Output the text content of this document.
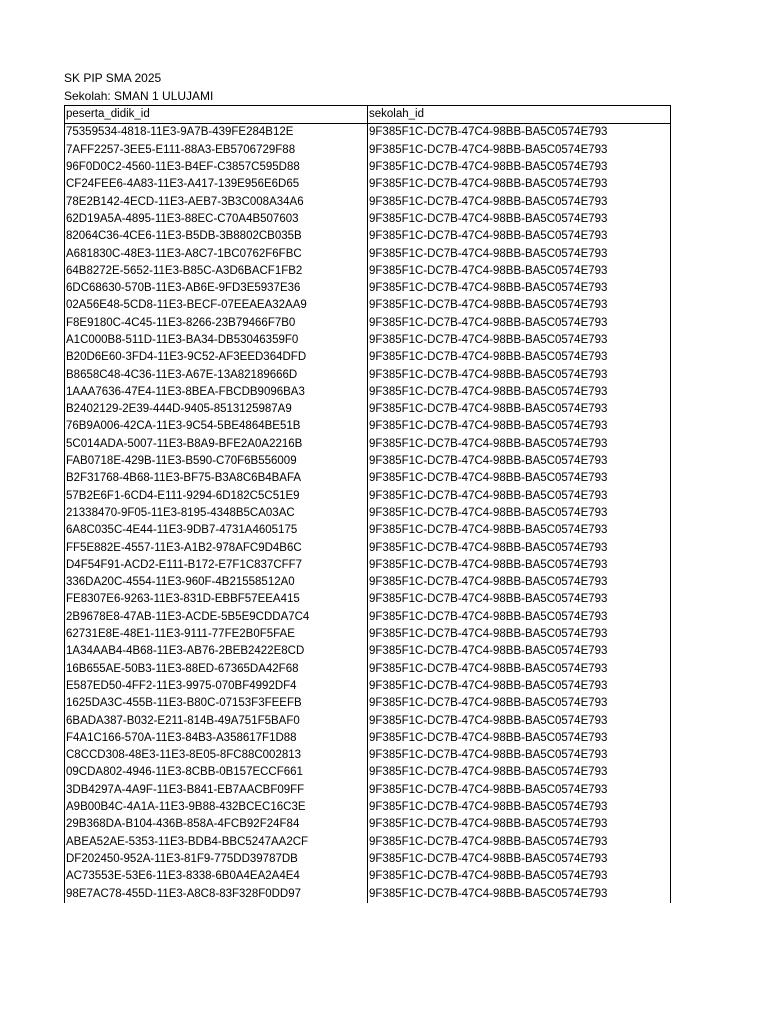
SK PIP SMA 2025
Sekolah: SMAN 1 ULUJAMI
peserta_didik_id	sekolah_id
75359534-4818-11E3-9A7B-439FE284B12E	9F385F1C-DC7B-47C4-98BB-BA5C0574E793
7AFF2257-3EE5-E111-88A3-EB5706729F88	9F385F1C-DC7B-47C4-98BB-BA5C0574E793
96F0D0C2-4560-11E3-B4EF-C3857C595D88	9F385F1C-DC7B-47C4-98BB-BA5C0574E793
CF24FEE6-4A83-11E3-A417-139E956E6D65	9F385F1C-DC7B-47C4-98BB-BA5C0574E793
78E2B142-4ECD-11E3-AEB7-3B3C008A34A6	9F385F1C-DC7B-47C4-98BB-BA5C0574E793
62D19A5A-4895-11E3-88EC-C70A4B507603	9F385F1C-DC7B-47C4-98BB-BA5C0574E793
82064C36-4CE6-11E3-B5DB-3B8802CB035B	9F385F1C-DC7B-47C4-98BB-BA5C0574E793
A681830C-48E3-11E3-A8C7-1BC0762F6FBC	9F385F1C-DC7B-47C4-98BB-BA5C0574E793
64B8272E-5652-11E3-B85C-A3D6BACF1FB2	9F385F1C-DC7B-47C4-98BB-BA5C0574E793
6DC68630-570B-11E3-AB6E-9FD3E5937E36	9F385F1C-DC7B-47C4-98BB-BA5C0574E793
02A56E48-5CD8-11E3-BECF-07EEAEA32AA9	9F385F1C-DC7B-47C4-98BB-BA5C0574E793
F8E9180C-4C45-11E3-8266-23B79466F7B0	9F385F1C-DC7B-47C4-98BB-BA5C0574E793
A1C000B8-511D-11E3-BA34-DB53046359F0	9F385F1C-DC7B-47C4-98BB-BA5C0574E793
B20D6E60-3FD4-11E3-9C52-AF3EED364DFD	9F385F1C-DC7B-47C4-98BB-BA5C0574E793
B8658C48-4C36-11E3-A67E-13A82189666D	9F385F1C-DC7B-47C4-98BB-BA5C0574E793
1AAA7636-47E4-11E3-8BEA-FBCDB9096BA3	9F385F1C-DC7B-47C4-98BB-BA5C0574E793
B2402129-2E39-444D-9405-8513125987A9	9F385F1C-DC7B-47C4-98BB-BA5C0574E793
76B9A006-42CA-11E3-9C54-5BE4864BE51B	9F385F1C-DC7B-47C4-98BB-BA5C0574E793
5C014ADA-5007-11E3-B8A9-BFE2A0A2216B	9F385F1C-DC7B-47C4-98BB-BA5C0574E793
FAB0718E-429B-11E3-B590-C70F6B556009	9F385F1C-DC7B-47C4-98BB-BA5C0574E793
B2F31768-4B68-11E3-BF75-B3A8C6B4BAFA	9F385F1C-DC7B-47C4-98BB-BA5C0574E793
57B2E6F1-6CD4-E111-9294-6D182C5C51E9	9F385F1C-DC7B-47C4-98BB-BA5C0574E793
21338470-9F05-11E3-8195-4348B5CA03AC	9F385F1C-DC7B-47C4-98BB-BA5C0574E793
6A8C035C-4E44-11E3-9DB7-4731A4605175	9F385F1C-DC7B-47C4-98BB-BA5C0574E793
FF5E882E-4557-11E3-A1B2-978AFC9D4B6C	9F385F1C-DC7B-47C4-98BB-BA5C0574E793
D4F54F91-ACD2-E111-B172-E7F1C837CFF7	9F385F1C-DC7B-47C4-98BB-BA5C0574E793
336DA20C-4554-11E3-960F-4B21558512A0	9F385F1C-DC7B-47C4-98BB-BA5C0574E793
FE8307E6-9263-11E3-831D-EBBF57EEA415	9F385F1C-DC7B-47C4-98BB-BA5C0574E793
2B9678E8-47AB-11E3-ACDE-5B5E9CDDA7C4	9F385F1C-DC7B-47C4-98BB-BA5C0574E793
62731E8E-48E1-11E3-9111-77FE2B0F5FAE	9F385F1C-DC7B-47C4-98BB-BA5C0574E793
1A34AAB4-4B68-11E3-AB76-2BEB2422E8CD	9F385F1C-DC7B-47C4-98BB-BA5C0574E793
16B655AE-50B3-11E3-88ED-67365DA42F68	9F385F1C-DC7B-47C4-98BB-BA5C0574E793
E587ED50-4FF2-11E3-9975-070BF4992DF4	9F385F1C-DC7B-47C4-98BB-BA5C0574E793
1625DA3C-455B-11E3-B80C-07153F3FEEFB	9F385F1C-DC7B-47C4-98BB-BA5C0574E793
6BADA387-B032-E211-814B-49A751F5BAF0	9F385F1C-DC7B-47C4-98BB-BA5C0574E793
F4A1C166-570A-11E3-84B3-A358617F1D88	9F385F1C-DC7B-47C4-98BB-BA5C0574E793
C8CCD308-48E3-11E3-8E05-8FC88C002813	9F385F1C-DC7B-47C4-98BB-BA5C0574E793
09CDA802-4946-11E3-8CBB-0B157ECCF661	9F385F1C-DC7B-47C4-98BB-BA5C0574E793
3DB4297A-4A9F-11E3-B841-EB7AACBF09FF	9F385F1C-DC7B-47C4-98BB-BA5C0574E793
A9B00B4C-4A1A-11E3-9B88-432BCEC16C3E	9F385F1C-DC7B-47C4-98BB-BA5C0574E793
29B368DA-B104-436B-858A-4FCB92F24F84	9F385F1C-DC7B-47C4-98BB-BA5C0574E793
ABEA52AE-5353-11E3-BDB4-BBC5247AA2CF	9F385F1C-DC7B-47C4-98BB-BA5C0574E793
DF202450-952A-11E3-81F9-775DD39787DB	9F385F1C-DC7B-47C4-98BB-BA5C0574E793
AC73553E-53E6-11E3-8338-6B0A4EA2A4E4	9F385F1C-DC7B-47C4-98BB-BA5C0574E793
98E7AC78-455D-11E3-A8C8-83F328F0DD97	9F385F1C-DC7B-47C4-98BB-BA5C0574E793
